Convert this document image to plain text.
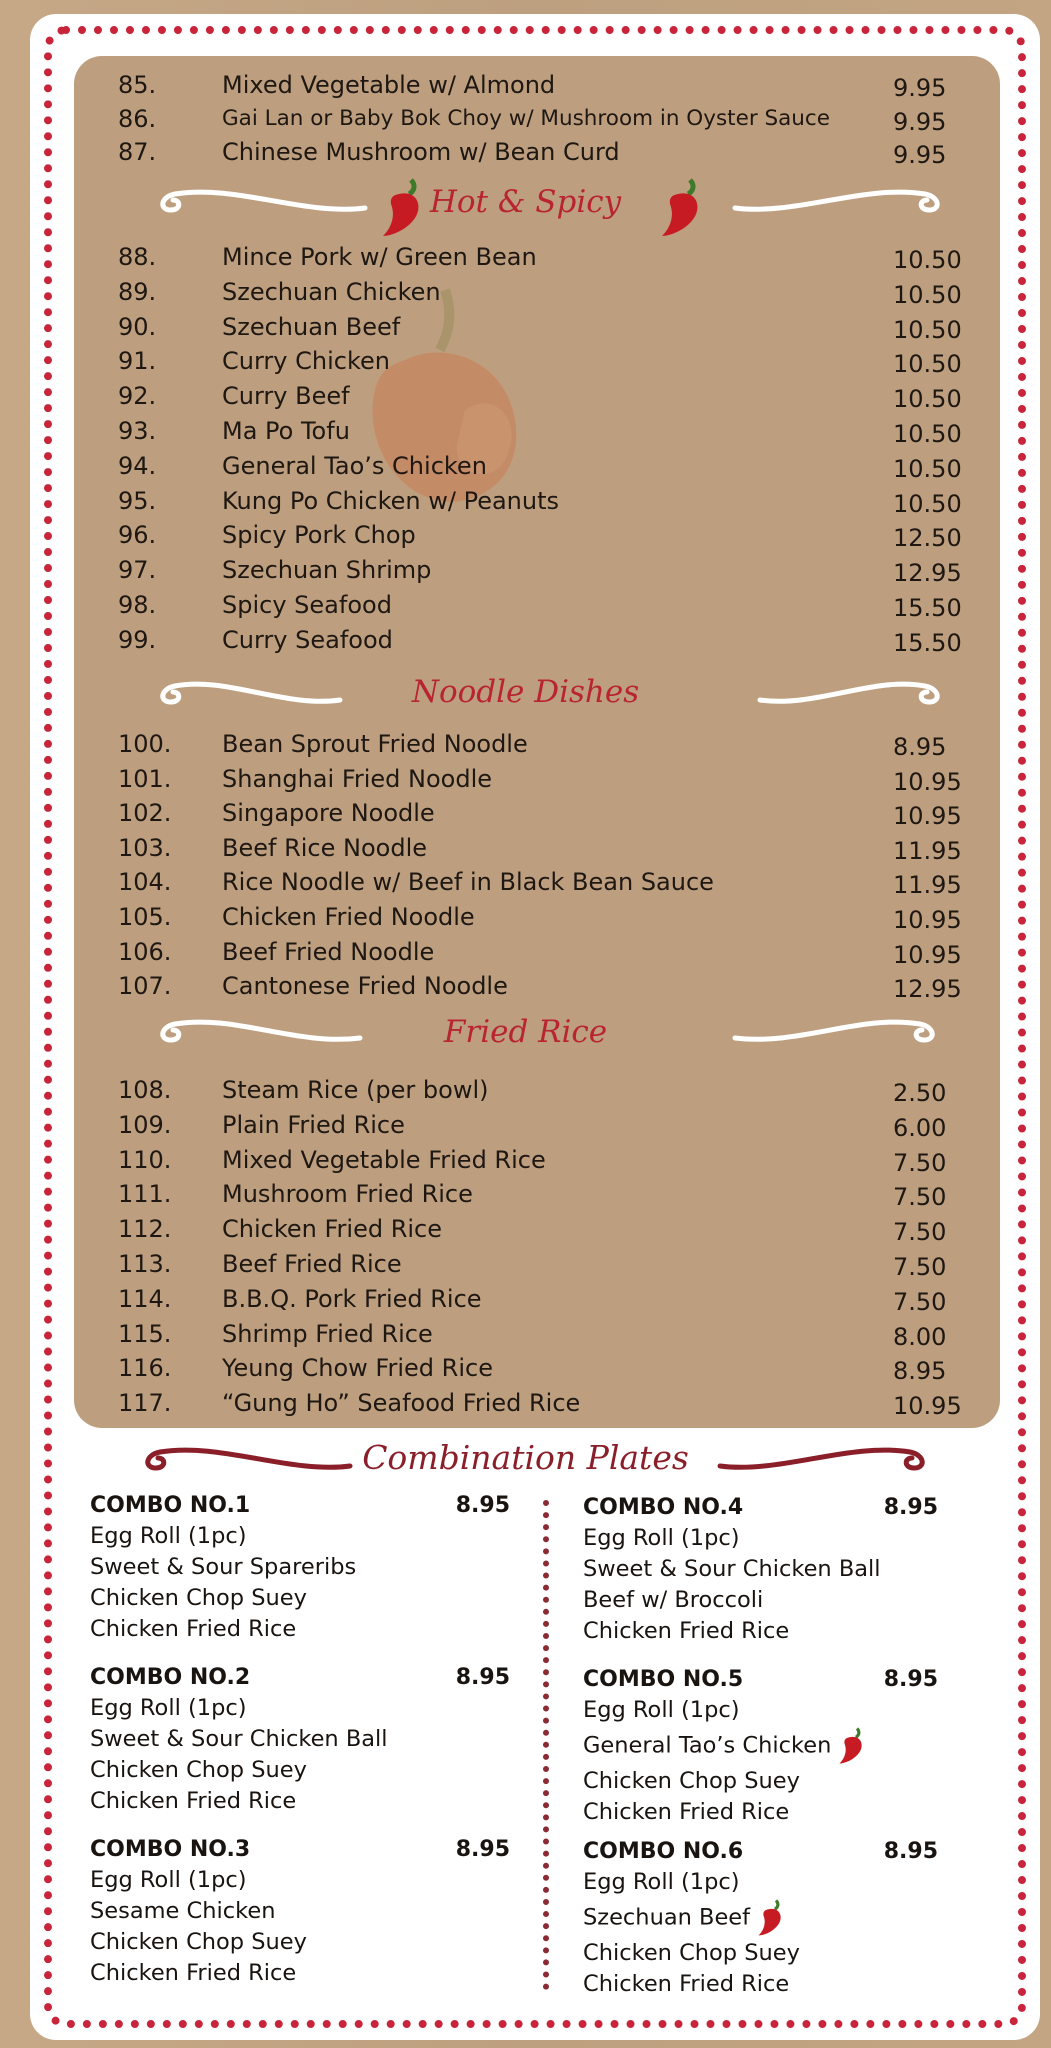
85.	Mixed Vegetable w/ Almond	9.95
86.	Gai Lan or Baby Bok Choy w/ Mushroom in Oyster Sauce	9.95
87.	Chinese Mushroom w/ Bean Curd	9.95
88.	Mince Pork w/ Green Bean	10.50
89.	Szechuan Chicken	10.50
90.	Szechuan Beef	10.50
91.	Curry Chicken	10.50
92.	Curry Beef	10.50
93.	Ma Po Tofu	10.50
94.	General Tao’s Chicken	10.50
95.	Kung Po Chicken w/ Peanuts	10.50
96.	Spicy Pork Chop	12.50
97.	Szechuan Shrimp	12.95
98.	Spicy Seafood	15.50
99.	Curry Seafood	15.50
100. Bean Sprout Fried Noodle	8.95
101. Shanghai Fried Noodle	10.95
102. Singapore Noodle	10.95
103. Beef Rice Noodle	11.95
104. Rice Noodle w/ Beef in Black Bean Sauce	11.95
105. Chicken Fried Noodle	10.95
106. Beef Fried Noodle	10.95
107. Cantonese Fried Noodle	12.95
108. Steam Rice (per bowl)	2.50
109. Plain Fried Rice	6.00
110. Mixed Vegetable Fried Rice	7.50
111. Mushroom Fried Rice	7.50
112. Chicken Fried Rice	7.50
113. Beef Fried Rice	7.50
114. B.B.Q. Pork Fried Rice	7.50
115. Shrimp Fried Rice	8.00
116. Yeung Chow Fried Rice	8.95
117. “Gung Ho” Seafood Fried Rice	10.95
Hot & Spicy
Noodle Dishes
Fried Rice
Combination Plates
COMBO NO.1	8.95
Egg Roll (1pc)
Sweet & Sour Spareribs
Chicken Chop Suey
Chicken Fried Rice
COMBO NO.2	8.95
Egg Roll (1pc)
Sweet & Sour Chicken Ball
Chicken Chop Suey
Chicken Fried Rice
COMBO NO.3	8.95
Egg Roll (1pc)
Sesame Chicken
Chicken Chop Suey
Chicken Fried Rice
COMBO NO.4	8.95
Egg Roll (1pc)
Sweet & Sour Chicken Ball
Beef w/ Broccoli
Chicken Fried Rice
COMBO NO.5	8.95
Egg Roll (1pc)
General Tao’s Chicken
Chicken Chop Suey
Chicken Fried Rice
COMBO NO.6	8.95
Egg Roll (1pc)
Szechuan Beef
Chicken Chop Suey
Chicken Fried Rice
